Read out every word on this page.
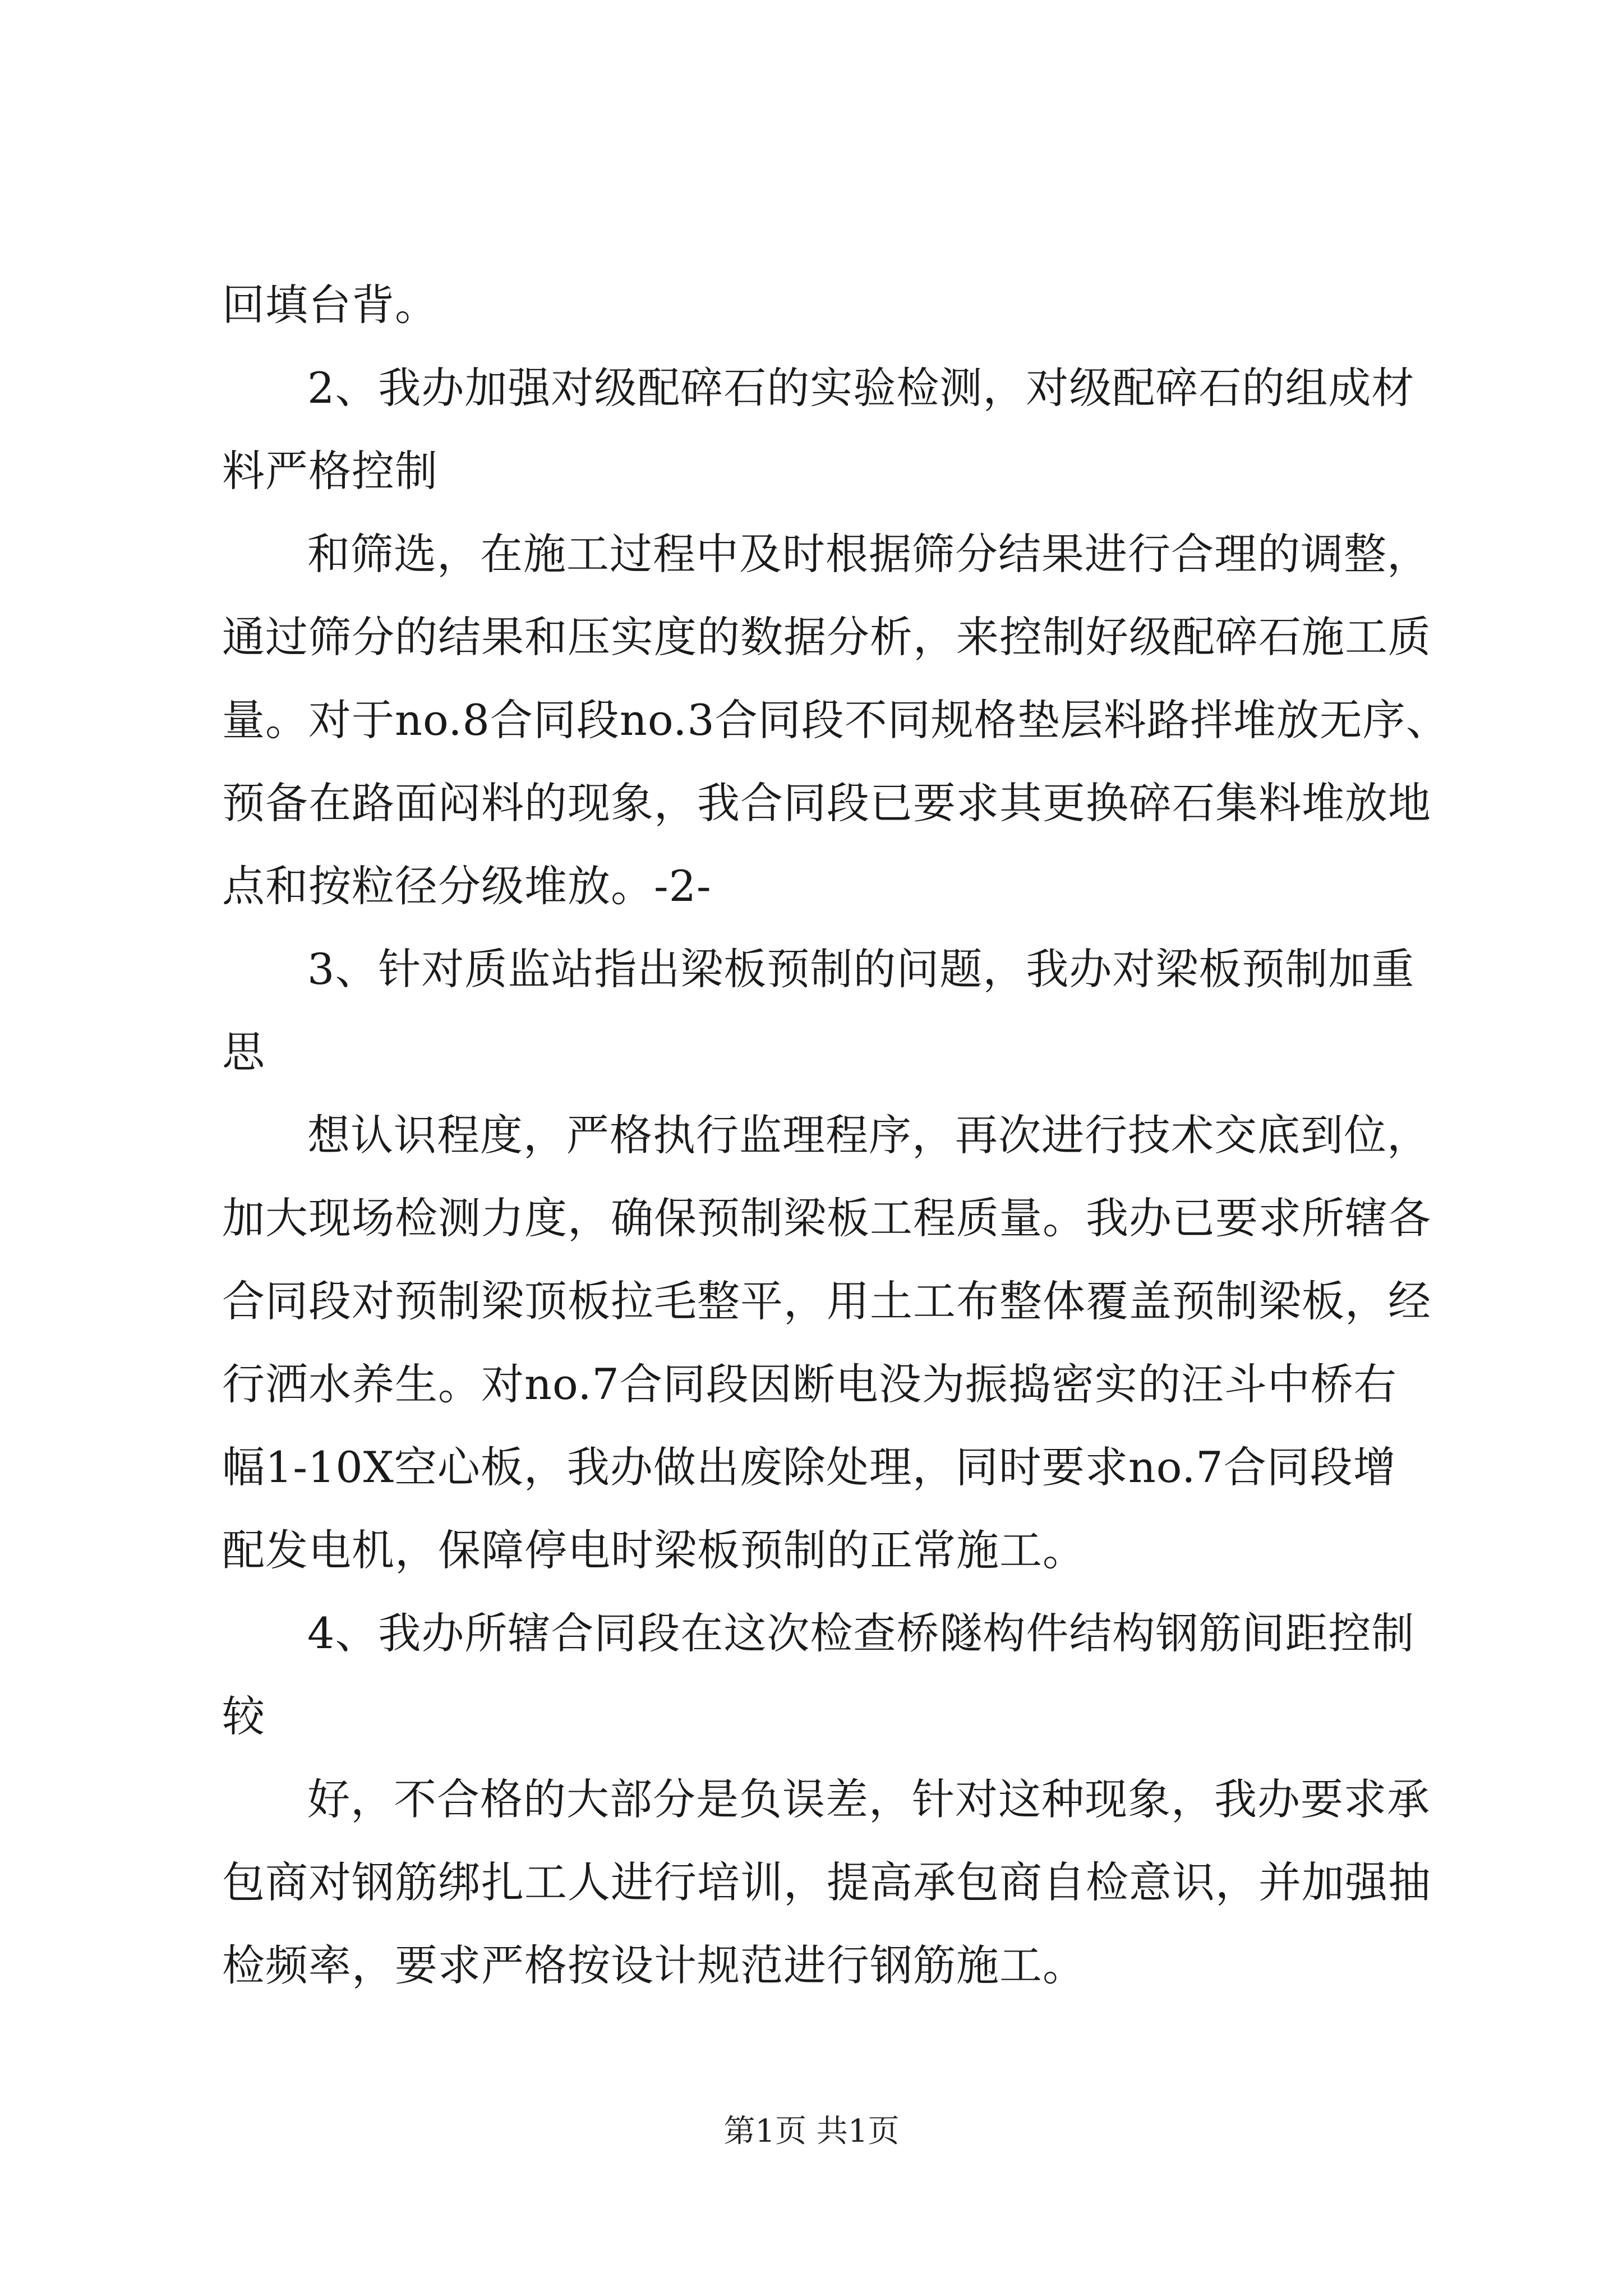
回填台背。
2、我办加强对级配碎石的实验检测，对级配碎石的组成材
料严格控制
和筛选，在施工过程中及时根据筛分结果进行合理的调整，
通过筛分的结果和压实度的数据分析，来控制好级配碎石施工质
量。对于no.8合同段no.3合同段不同规格垫层料路拌堆放无序、
预备在路面闷料的现象，我合同段已要求其更换碎石集料堆放地
点和按粒径分级堆放。-2-
3、针对质监站指出梁板预制的问题，我办对梁板预制加重
思
想认识程度，严格执行监理程序，再次进行技术交底到位，
加大现场检测力度，确保预制梁板工程质量。我办已要求所辖各
合同段对预制梁顶板拉毛整平，用土工布整体覆盖预制梁板，经
行洒水养生。对no.7合同段因断电没为振捣密实的汪斗中桥右
幅1-10X空心板，我办做出废除处理，同时要求no.7合同段增
配发电机，保障停电时梁板预制的正常施工。
4、我办所辖合同段在这次检查桥隧构件结构钢筋间距控制
较
好，不合格的大部分是负误差，针对这种现象，我办要求承
包商对钢筋绑扎工人进行培训，提高承包商自检意识，并加强抽
检频率，要求严格按设计规范进行钢筋施工。
第1页 共1页
